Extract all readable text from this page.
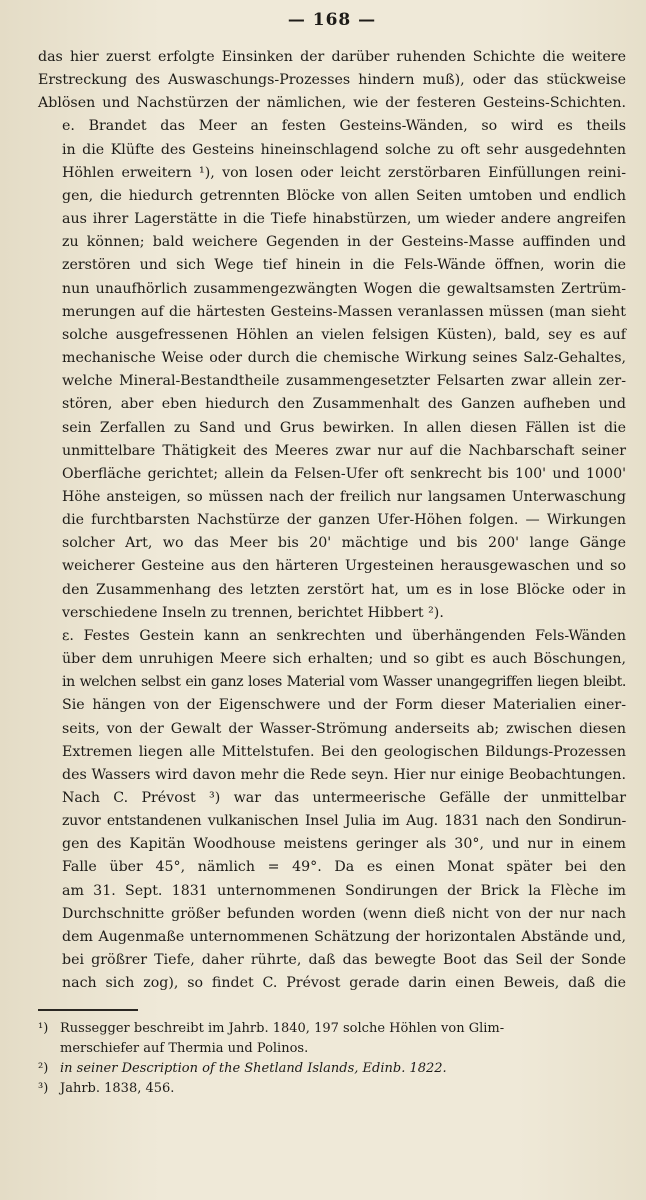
— 168 —

das hier zuerst erfolgte Einsinken der darüber ruhenden Schichte die weitere
Erstreckung des Auswaschungs-Prozesses hindern muß), oder das stückweise
Ablösen und Nachstürzen der nämlichen, wie der festeren Gesteins-Schichten.

e. Brandet das Meer an festen Gesteins-Wänden, so wird es theils
in die Klüfte des Gesteins hineinschlagend solche zu oft sehr ausgedehnten
Höhlen erweitern ¹), von losen oder leicht zerstörbaren Einfüllungen reini-
gen, die hiedurch getrennten Blöcke von allen Seiten umtoben und endlich
aus ihrer Lagerstätte in die Tiefe hinabstürzen, um wieder andere angreifen
zu können; bald weichere Gegenden in der Gesteins-Masse auffinden und
zerstören und sich Wege tief hinein in die Fels-Wände öffnen, worin die
nun unaufhörlich zusammengezwängten Wogen die gewaltsamsten Zertrüm-
merungen auf die härtesten Gesteins-Massen veranlassen müssen (man sieht
solche ausgefressenen Höhlen an vielen felsigen Küsten), bald, sey es auf
mechanische Weise oder durch die chemische Wirkung seines Salz-Gehaltes,
welche Mineral-Bestandtheile zusammengesetzter Felsarten zwar allein zer-
stören, aber eben hiedurch den Zusammenhalt des Ganzen aufheben und
sein Zerfallen zu Sand und Grus bewirken. In allen diesen Fällen ist die
unmittelbare Thätigkeit des Meeres zwar nur auf die Nachbarschaft seiner
Oberfläche gerichtet; allein da Felsen-Ufer oft senkrecht bis 100' und 1000'
Höhe ansteigen, so müssen nach der freilich nur langsamen Unterwaschung
die furchtbarsten Nachstürze der ganzen Ufer-Höhen folgen. — Wirkungen
solcher Art, wo das Meer bis 20' mächtige und bis 200' lange Gänge
weicherer Gesteine aus den härteren Urgesteinen herausgewaschen und so
den Zusammenhang des letzten zerstört hat, um es in lose Blöcke oder in
verschiedene Inseln zu trennen, berichtet Hibbert ²).

ε. Festes Gestein kann an senkrechten und überhängenden Fels-Wänden
über dem unruhigen Meere sich erhalten; und so gibt es auch Böschungen,
in welchen selbst ein ganz loses Material vom Wasser unangegriffen liegen bleibt.
Sie hängen von der Eigenschwere und der Form dieser Materialien einer-
seits, von der Gewalt der Wasser-Strömung anderseits ab; zwischen diesen
Extremen liegen alle Mittelstufen. Bei den geologischen Bildungs-Prozessen
des Wassers wird davon mehr die Rede seyn. Hier nur einige Beobachtungen.

Nach C. Prévost ³) war das untermeerische Gefälle der unmittelbar
zuvor entstandenen vulkanischen Insel Julia im Aug. 1831 nach den Sondirun-
gen des Kapitän Woodhouse meistens geringer als 30°, und nur in einem
Falle über 45°, nämlich = 49°. Da es einen Monat später bei den
am 31. Sept. 1831 unternommenen Sondirungen der Brick la Flèche im
Durchschnitte größer befunden worden (wenn dieß nicht von der nur nach
dem Augenmaße unternommenen Schätzung der horizontalen Abstände und,
bei größrer Tiefe, daher rührte, daß das bewegte Boot das Seil der Sonde
nach sich zog), so findet C. Prévost gerade darin einen Beweis, daß die

¹) Russegger beschreibt im Jahrb. 1840, 197 solche Höhlen von Glim-
merschiefer auf Thermia und Polinos.
²) in seiner Description of the Shetland Islands, Edinb. 1822.
³) Jahrb. 1838, 456.
